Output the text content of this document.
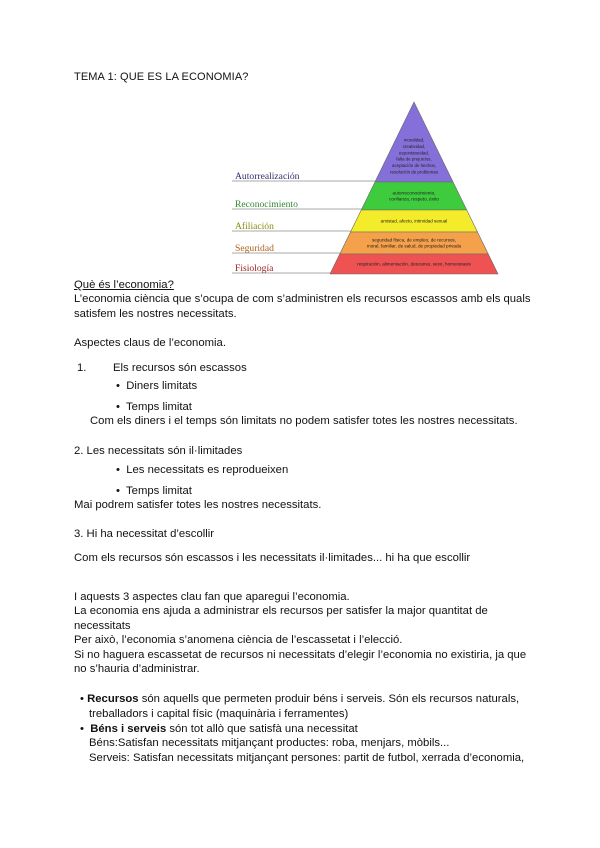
TEMA 1: QUE ES LA ECONOMIA?
Autorrealización
moralidad,
creatividad,
espontaneidad,
falta de prejuicios,
aceptación de hechos,
resolución de problemas
Reconocimiento
autorreconocimiento,
confianza, respeto, éxito
Afiliación	amistad, afecto, intimidad sexual
Seguridad
seguridad física, de empleo, de recursos,
moral, familiar, de salud, de propiedad privada
Fisiología	respiración, alimentación, descanso, sexo, homeostasis
Què és l’economia?
L’economia ciència que s’ocupa de com s’administren els recursos escassos amb els quals
satisfem les nostres necessitats.
Aspectes claus de l’economia.
1. Els recursos són escassos
•  Diners limitats
•  Temps limitat
Com els diners i el temps són limitats no podem satisfer totes les nostres necessitats.
2. Les necessitats són il·limitades
•  Les necessitats es reprodueixen
•  Temps limitat
Mai podrem satisfer totes les nostres necessitats.
3. Hi ha necessitat d’escollir
Com els recursos són escassos i les necessitats il·limitades... hi ha que escollir
I aquests 3 aspectes clau fan que aparegui l’economia.
La economia ens ajuda a administrar els recursos per satisfer la major quantitat de
necessitats
Per això, l’economia s’anomena ciència de l’escassetat i l’elecció.
Si no haguera escassetat de recursos ni necessitats d’elegir l’economia no existiria, ja que
no s’hauria d’administrar.
• Recursos són aquells que permeten produir béns i serveis. Són els recursos naturals,
treballadors i capital físic (maquinària i ferramentes)
•  Béns i serveis són tot allò que satisfà una necessitat
Béns:Satisfan necessitats mitjançant productes: roba, menjars, mòbils...
Serveis: Satisfan necessitats mitjançant persones: partit de futbol, xerrada d’economia,
